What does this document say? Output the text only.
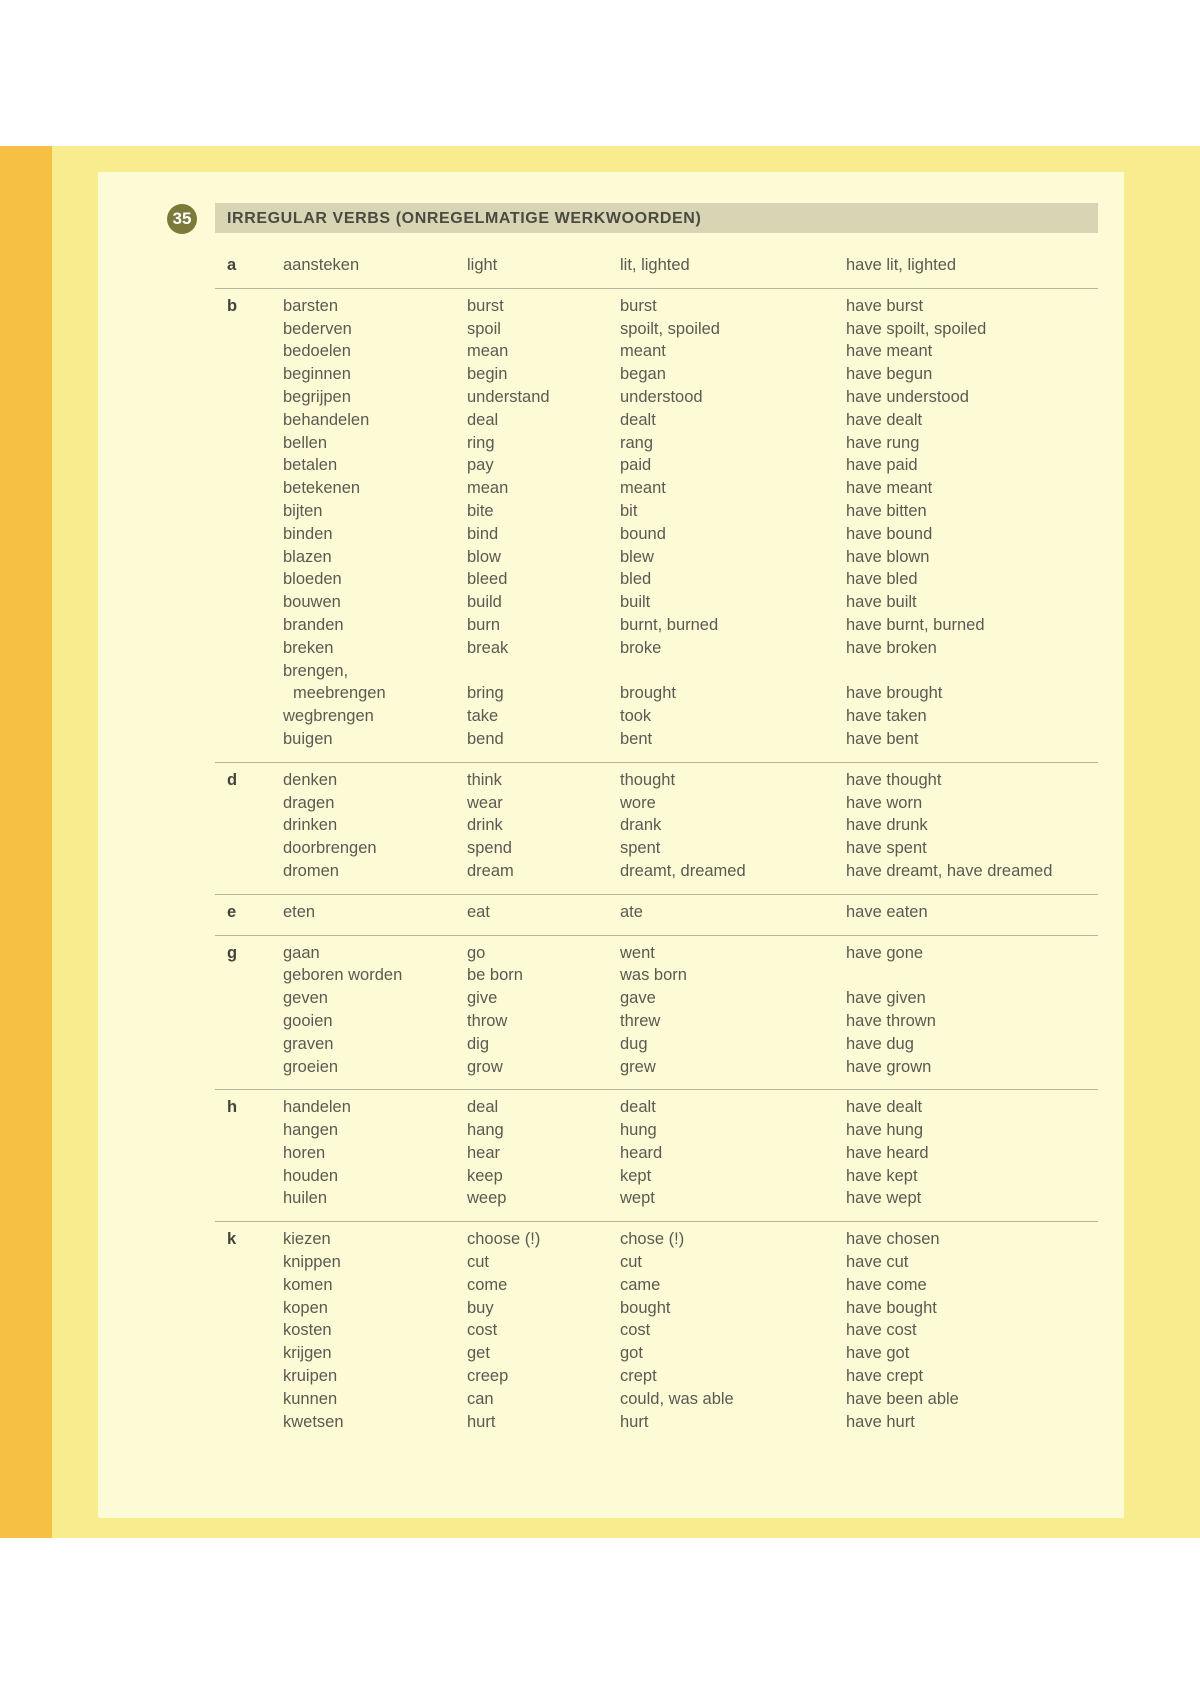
35	IRREGULAR VERBS (ONREGELMATIGE WERKWOORDEN)
a	aansteken	light	lit, lighted	have lit, lighted
b	barsten	burst	burst	have burst
bederven	spoil	spoilt, spoiled	have spoilt, spoiled
bedoelen	mean	meant	have meant
beginnen	begin	began	have begun
begrijpen	understand	understood	have understood
behandelen	deal	dealt	have dealt
bellen	ring	rang	have rung
betalen	pay	paid	have paid
betekenen	mean	meant	have meant
bijten	bite	bit	have bitten
binden	bind	bound	have bound
blazen	blow	blew	have blown
bloeden	bleed	bled	have bled
bouwen	build	built	have built
branden	burn	burnt, burned	have burnt, burned
breken	break	broke	have broken
brengen,
meebrengen	bring	brought	have brought
wegbrengen	take	took	have taken
buigen	bend	bent	have bent
d	denken	think	thought	have thought
dragen	wear	wore	have worn
drinken	drink	drank	have drunk
doorbrengen	spend	spent	have spent
dromen	dream	dreamt, dreamed	have dreamt, have dreamed
e	eten	eat	ate	have eaten
g	gaan	go	went	have gone
geboren worden	be born	was born
geven	give	gave	have given
gooien	throw	threw	have thrown
graven	dig	dug	have dug
groeien	grow	grew	have grown
h	handelen	deal	dealt	have dealt
hangen	hang	hung	have hung
horen	hear	heard	have heard
houden	keep	kept	have kept
huilen	weep	wept	have wept
k	kiezen	choose (!)	chose (!)	have chosen
knippen	cut	cut	have cut
komen	come	came	have come
kopen	buy	bought	have bought
kosten	cost	cost	have cost
krijgen	get	got	have got
kruipen	creep	crept	have crept
kunnen	can	could, was able	have been able
kwetsen	hurt	hurt	have hurt
